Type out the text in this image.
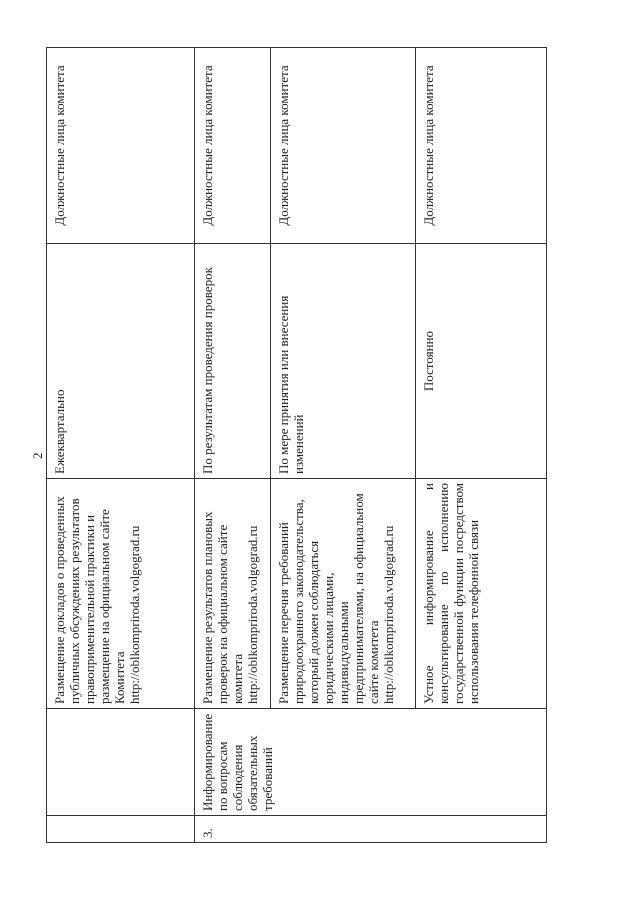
2
		Размещение докладов о проведенных публичных обсуждениях результатов правоприменительной практики и размещение на официальном сайте Комитета http://oblkompriroda.volgograd.ru	Ежеквартально	Должностные лица комитета
3.	Информирование по вопросам соблюдения обязательных требований	Размещение результатов плановых проверок на официальном сайте комитета http://oblkompriroda.volgograd.ru	По результатам проведения проверок	Должностные лица комитета
		Размещение перечня требований природоохранного законодательства, который должен соблюдаться юридическими лицами, индивидуальными предпринимателями, на официальном сайте комитета http://oblkompriroda.volgograd.ru	По мере принятия или внесения изменений	Должностные лица комитета
		Устное информирование и консультирование по исполнению государственной функции посредством использования телефонной связи	Постоянно	Должностные лица комитета
